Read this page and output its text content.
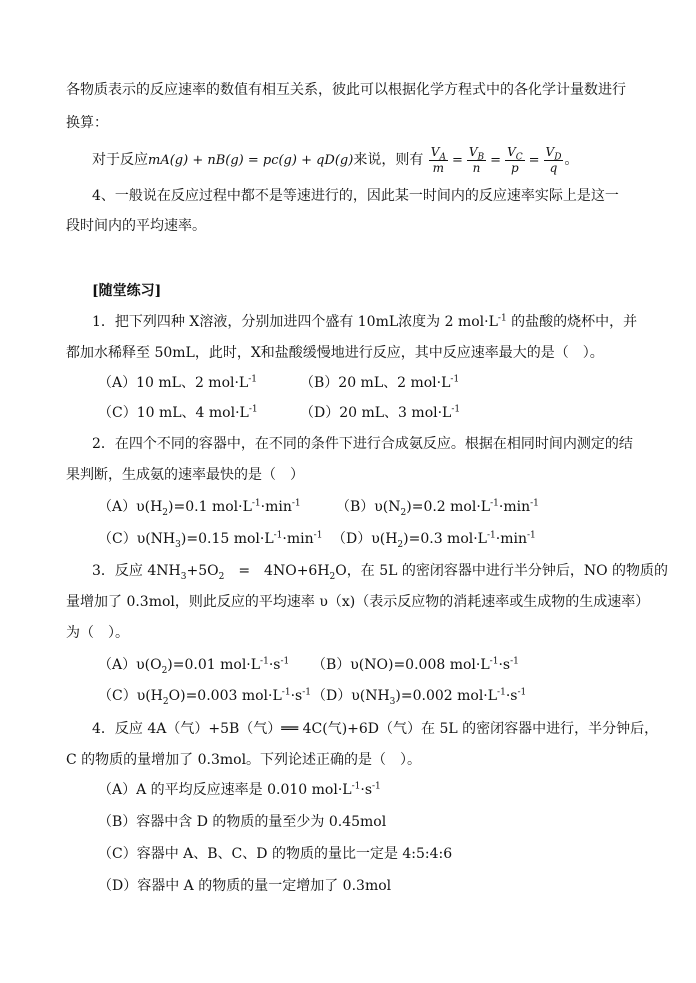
各物质表示的反应速率的数值有相互关系，彼此可以根据化学方程式中的各化学计量数进行
换算：
对于反应mA(g) + nB(g) = pc(g) + qD(g)来说，则有 $\frac{V_A}{m} = \frac{V_B}{n} = \frac{V_C}{p} = \frac{V_D}{q}$ 。
4、一般说在反应过程中都不是等速进行的，因此某一时间内的反应速率实际上是这一
段时间内的平均速率。
[随堂练习]
1．把下列四种 X溶液，分别加进四个盛有 10mL浓度为 2 $mol\cdot L^{-1}$ 的盐酸的烧杯中，并
都加水稀释至 50mL，此时，X和盐酸缓慢地进行反应，其中反应速率最大的是（　）。
（A）10 mL、2 $mol\cdot L^{-1}$	（B）20 mL、2 $mol\cdot L^{-1}$
（C）10 mL、4 $mol\cdot L^{-1}$	（D）20 mL、3 $mol\cdot L^{-1}$
2．在四个不同的容器中，在不同的条件下进行合成氨反应。根据在相同时间内测定的结
果判断，生成氨的速率最快的是（　）
$(A)\upsilon(H_2)=0.1$ $mol\cdot L^{-1}\cdot\min^{-1}$	$(B)\upsilon(N_2)=0.2$ $mol\cdot L^{-1}\cdot\min^{-1}$
$(C)\upsilon(NH_3)=0.15$ $mol\cdot L^{-1}\cdot\min^{-1}$ $(D)\upsilon(H_2)=0.3$ $mol\cdot L^{-1}\cdot\min^{-1}$
3．反应 $4NH_3+5O_2$　=　$4NO+6H_2O$，在 5L 的密闭容器中进行半分钟后，NO 的物质的
量增加了 0.3mol，则此反应的平均速率 υ（x)（表示反应物的消耗速率或生成物的生成速率）
为（　）。
$(A)\upsilon(O_2)=0.01$ $mol\cdot L^{-1}\cdot s^{-1}$ （B）υ(NO)=0.008 $mol\cdot L^{-1}\cdot s^{-1}$
$(C)\upsilon(H_2O)=0.003$ $mol\cdot L^{-1}\cdot s^{-1}$ $(D)\upsilon(NH_3)=0.002$ $mol\cdot L^{-1}\cdot s^{-1}$
4．反应 4A（气）+5B（气）══ 4C(气)+6D（气）在 5L 的密闭容器中进行，半分钟后，
C 的物质的量增加了 0.3mol。下列论述正确的是（　）。
（A）A 的平均反应速率是 0.010 $mol\cdot L^{-1}\cdot s^{-1}$
（B）容器中含 D 的物质的量至少为 0.45mol
（C）容器中 A、B、C、D 的物质的量比一定是 4:5:4:6
（D）容器中 A 的物质的量一定增加了 0.3mol
